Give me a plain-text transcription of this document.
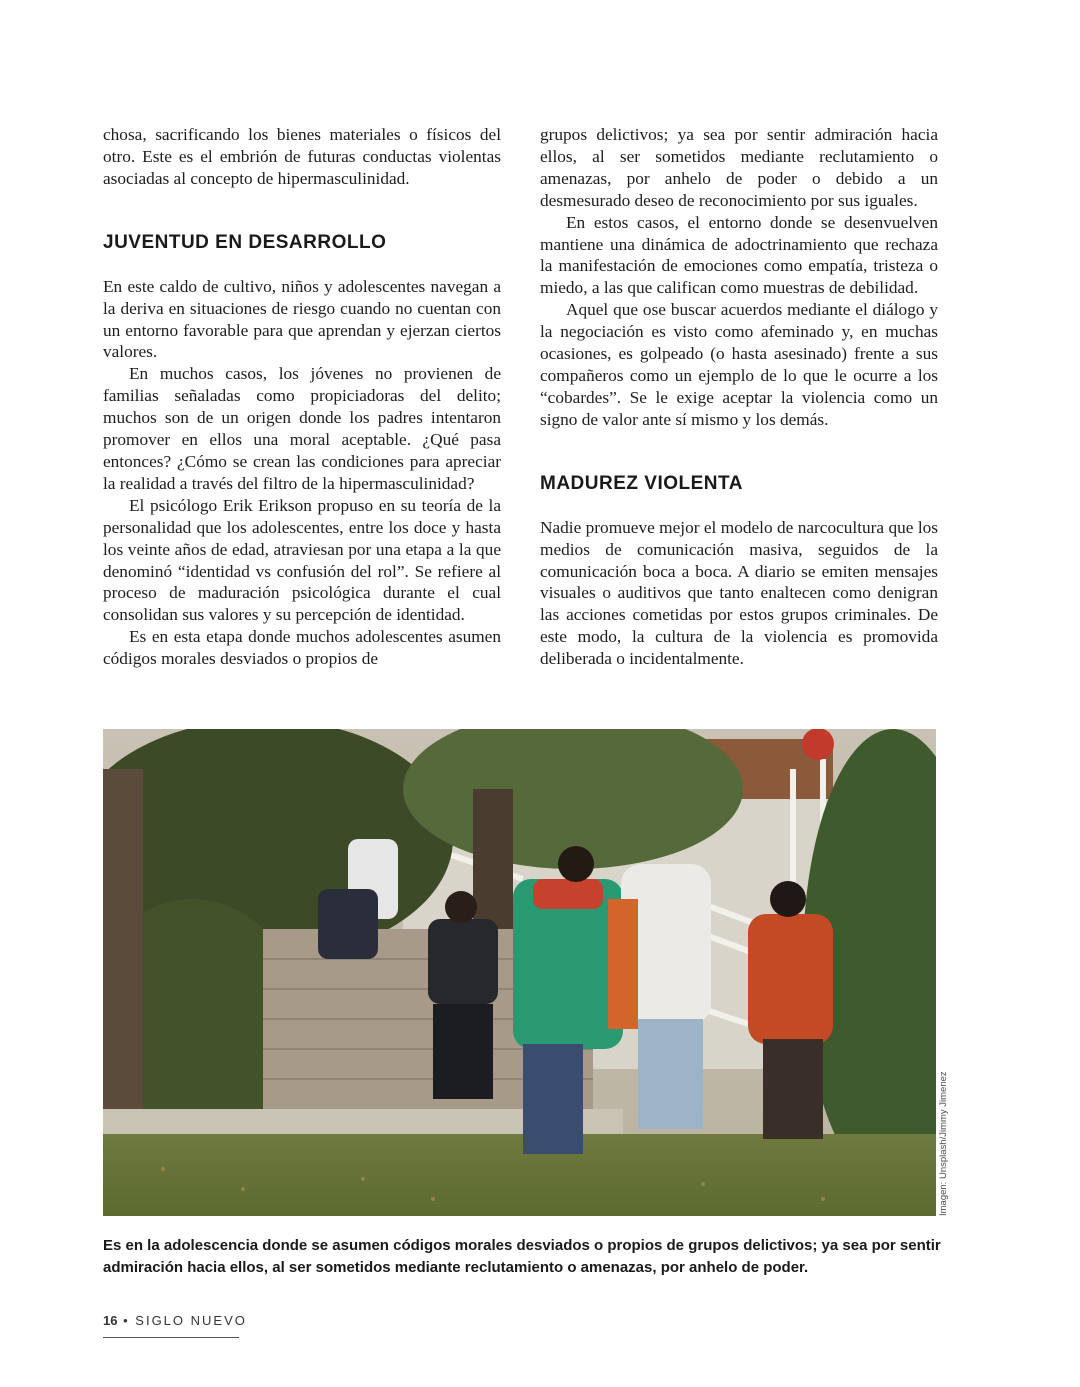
chosa, sacrificando los bienes materiales o físicos del otro. Este es el embrión de futuras conductas violentas asociadas al concepto de hipermasculinidad.

JUVENTUD EN DESARROLLO

En este caldo de cultivo, niños y adolescentes navegan a la deriva en situaciones de riesgo cuando no cuentan con un entorno favorable para que aprendan y ejerzan ciertos valores.

En muchos casos, los jóvenes no provienen de familias señaladas como propiciadoras del delito; muchos son de un origen donde los padres intentaron promover en ellos una moral aceptable. ¿Qué pasa entonces? ¿Cómo se crean las condiciones para apreciar la realidad a través del filtro de la hipermasculinidad?

El psicólogo Erik Erikson propuso en su teoría de la personalidad que los adolescentes, entre los doce y hasta los veinte años de edad, atraviesan por una etapa a la que denominó “identidad vs confusión del rol”. Se refiere al proceso de maduración psicológica durante el cual consolidan sus valores y su percepción de identidad.

Es en esta etapa donde muchos adolescentes asumen códigos morales desviados o propios de

grupos delictivos; ya sea por sentir admiración hacia ellos, al ser sometidos mediante reclutamiento o amenazas, por anhelo de poder o debido a un desmesurado deseo de reconocimiento por sus iguales.

En estos casos, el entorno donde se desenvuelven mantiene una dinámica de adoctrinamiento que rechaza la manifestación de emociones como empatía, tristeza o miedo, a las que califican como muestras de debilidad.

Aquel que ose buscar acuerdos mediante el diálogo y la negociación es visto como afeminado y, en muchas ocasiones, es golpeado (o hasta asesinado) frente a sus compañeros como un ejemplo de lo que le ocurre a los “cobardes”. Se le exige aceptar la violencia como un signo de valor ante sí mismo y los demás.

MADUREZ VIOLENTA

Nadie promueve mejor el modelo de narcocultura que los medios de comunicación masiva, seguidos de la comunicación boca a boca. A diario se emiten mensajes visuales o auditivos que tanto enaltecen como denigran las acciones cometidas por estos grupos criminales. De este modo, la cultura de la violencia es promovida deliberada o incidentalmente.

Imagen: Unsplash/Jimmy Jimenez

Es en la adolescencia donde se asumen códigos morales desviados o propios de grupos delictivos; ya sea por sentir admiración hacia ellos, al ser sometidos mediante reclutamiento o amenazas, por anhelo de poder.

16 • SIGLO NUEVO
